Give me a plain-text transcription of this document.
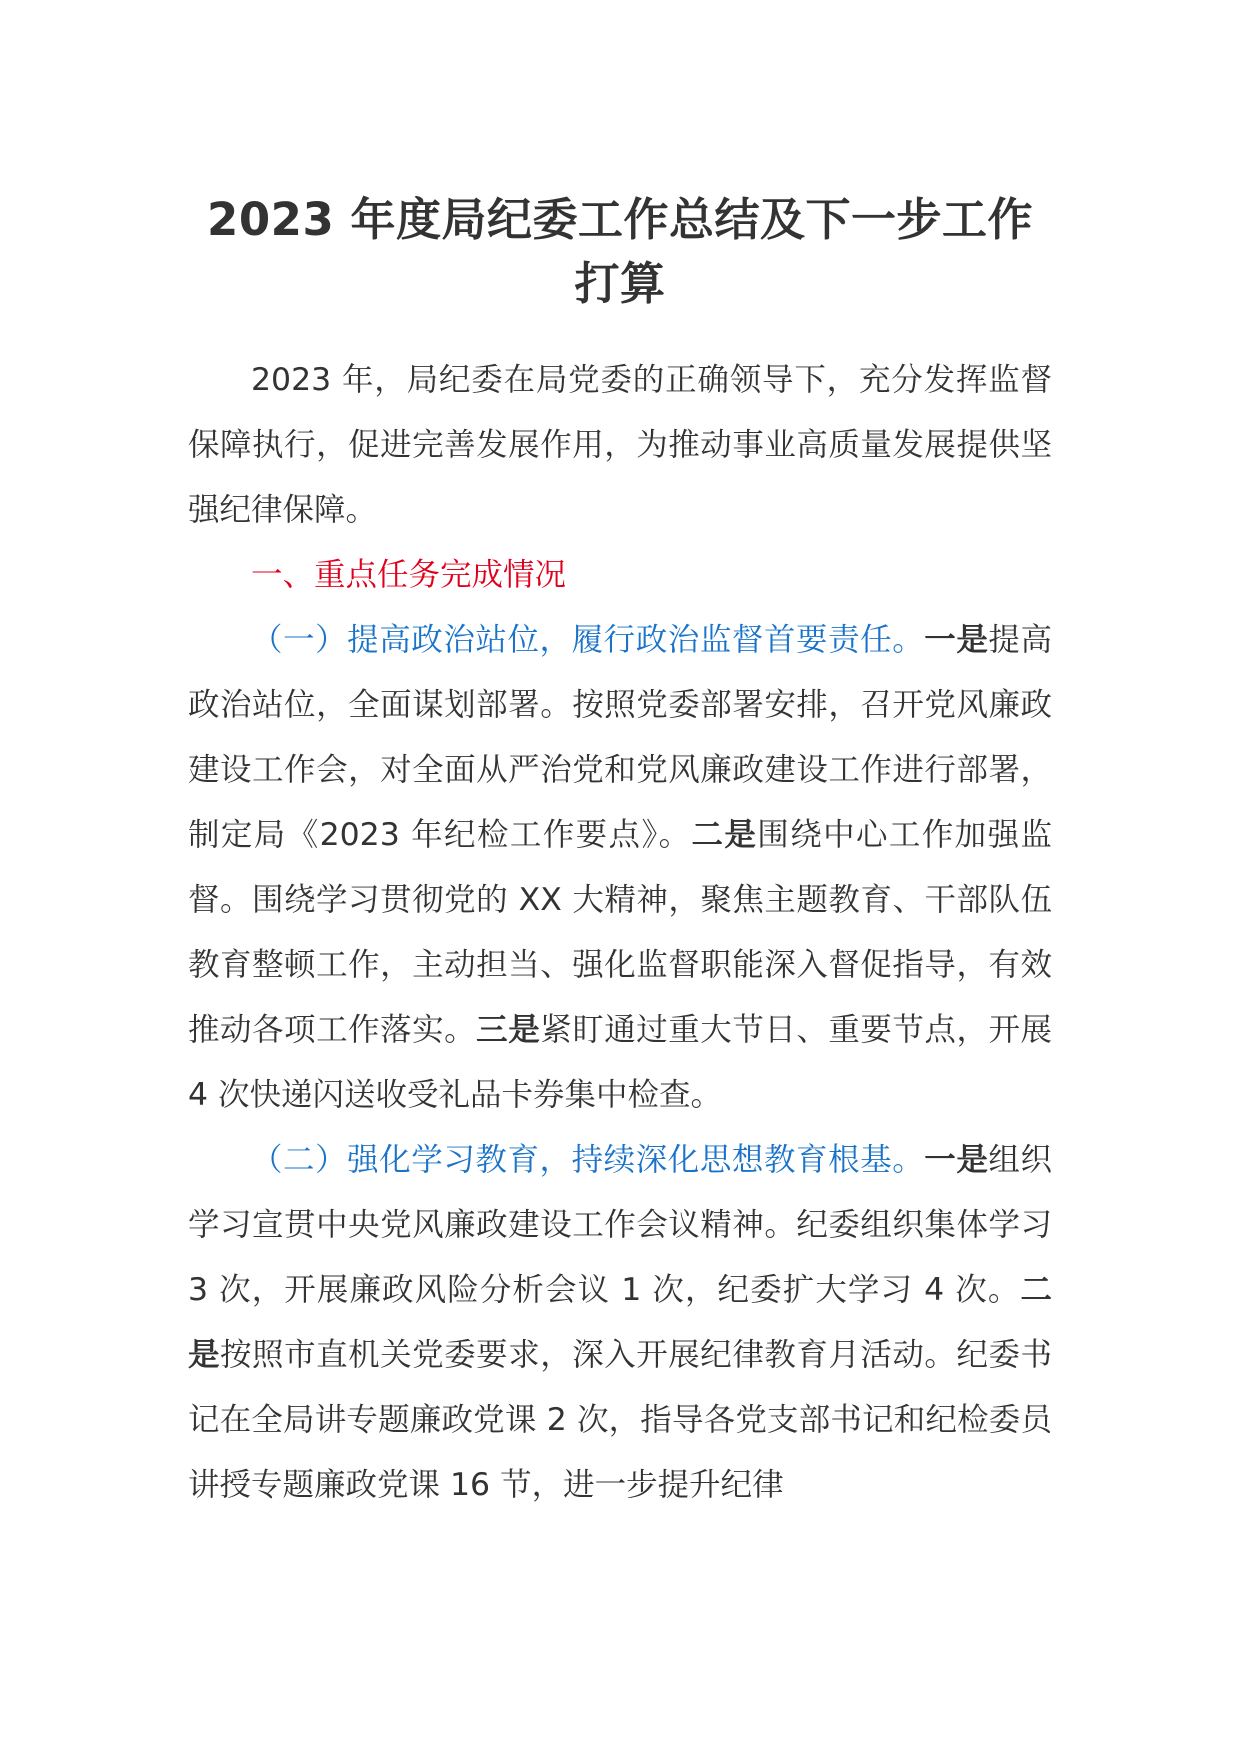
2023 年度局纪委工作总结及下一步工作
打算

2023 年，局纪委在局党委的正确领导下，充分发挥监督保障执行，促进完善发展作用，为推动事业高质量发展提供坚强纪律保障。

一、重点任务完成情况

（一）提高政治站位，履行政治监督首要责任。一是提高政治站位，全面谋划部署。按照党委部署安排，召开党风廉政建设工作会，对全面从严治党和党风廉政建设工作进行部署，制定局《2023 年纪检工作要点》。二是围绕中心工作加强监督。围绕学习贯彻党的 XX 大精神，聚焦主题教育、干部队伍教育整顿工作，主动担当、强化监督职能深入督促指导，有效推动各项工作落实。三是紧盯通过重大节日、重要节点，开展 4 次快递闪送收受礼品卡券集中检查。

（二）强化学习教育，持续深化思想教育根基。一是组织学习宣贯中央党风廉政建设工作会议精神。纪委组织集体学习 3 次，开展廉政风险分析会议 1 次，纪委扩大学习 4 次。二是按照市直机关党委要求，深入开展纪律教育月活动。纪委书记在全局讲专题廉政党课 2 次，指导各党支部书记和纪检委员讲授专题廉政党课 16 节，进一步提升纪律
